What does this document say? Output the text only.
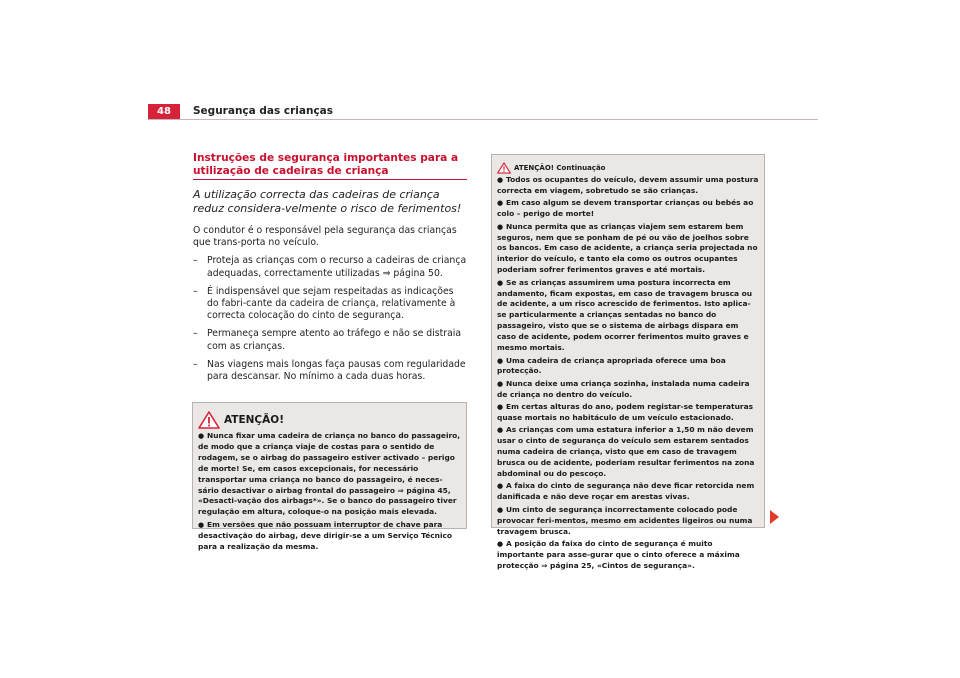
48	Segurança das crianças
Instruções de segurança importantes para a utilização de cadeiras de criança

A utilização correcta das cadeiras de criança reduz considera-velmente o risco de ferimentos!

O condutor é o responsável pela segurança das crianças que trans-porta no veículo.

– Proteja as crianças com o recurso a cadeiras de criança adequadas, correctamente utilizadas ⇒ página 50.
– É indispensável que sejam respeitadas as indicações do fabri-cante da cadeira de criança, relativamente à correcta colocação do cinto de segurança.
– Permaneça sempre atento ao tráfego e não se distraia com as crianças.
– Nas viagens mais longas faça pausas com regularidade para descansar. No mínimo a cada duas horas.
ATENÇÃO!
● Nunca fixar uma cadeira de criança no banco do passageiro, de modo que a criança viaje de costas para o sentido de rodagem, se o airbag do passageiro estiver activado – perigo de morte! Se, em casos excepcionais, for necessário transportar uma criança no banco do passageiro, é neces-sário desactivar o airbag frontal do passageiro ⇒ página 45, «Desacti-vação dos airbags*». Se o banco do passageiro tiver regulação em altura, coloque-o na posição mais elevada.
● Em versões que não possuam interruptor de chave para desactivação do airbag, deve dirigir-se a um Serviço Técnico para a realização da mesma.
ATENÇÃO! Continuação
● Todos os ocupantes do veículo, devem assumir uma postura correcta em viagem, sobretudo se são crianças.
● Em caso algum se devem transportar crianças ou bebés ao colo – perigo de morte!
● Nunca permita que as crianças viajem sem estarem bem seguros, nem que se ponham de pé ou vão de joelhos sobre os bancos. Em caso de acidente, a criança seria projectada no interior do veículo, e tanto ela como os outros ocupantes poderiam sofrer ferimentos graves e até mortais.
● Se as crianças assumirem uma postura incorrecta em andamento, ficam expostas, em caso de travagem brusca ou de acidente, a um risco acrescido de ferimentos. Isto aplica-se particularmente a crianças sentadas no banco do passageiro, visto que se o sistema de airbags dispara em caso de acidente, podem ocorrer ferimentos muito graves e mesmo mortais.
● Uma cadeira de criança apropriada oferece uma boa protecção.
● Nunca deixe uma criança sozinha, instalada numa cadeira de criança no dentro do veículo.
● Em certas alturas do ano, podem registar-se temperaturas quase mortais no habitáculo de um veículo estacionado.
● As crianças com uma estatura inferior a 1,50 m não devem usar o cinto de segurança do veículo sem estarem sentados numa cadeira de criança, visto que em caso de travagem brusca ou de acidente, poderiam resultar ferimentos na zona abdominal ou do pescoço.
● A faixa do cinto de segurança não deve ficar retorcida nem danificada e não deve roçar em arestas vivas.
● Um cinto de segurança incorrectamente colocado pode provocar feri-mentos, mesmo em acidentes ligeiros ou numa travagem brusca.
● A posição da faixa do cinto de segurança é muito importante para asse-gurar que o cinto oferece a máxima protecção ⇒ página 25, «Cintos de segurança».
